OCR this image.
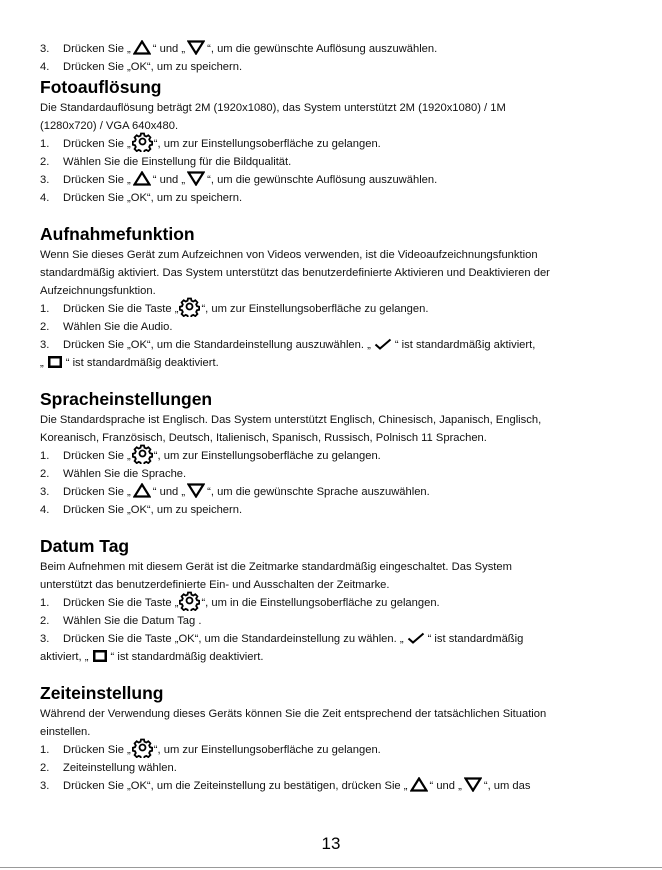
3. Drücken Sie „ “ und „ “, um die gewünschte Auflösung auszuwählen.
4. Drücken Sie „OK“, um zu speichern.
Fotoauflösung
Die Standardauflösung beträgt 2M (1920x1080), das System unterstützt 2M (1920x1080) / 1M
(1280x720) / VGA 640x480.
1. Drücken Sie „ “, um zur Einstellungsoberfläche zu gelangen.
2. Wählen Sie die Einstellung für die Bildqualität.
3. Drücken Sie „ “ und „ “, um die gewünschte Auflösung auszuwählen.
4. Drücken Sie „OK“, um zu speichern.
Aufnahmefunktion
Wenn Sie dieses Gerät zum Aufzeichnen von Videos verwenden, ist die Videoaufzeichnungsfunktion
standardmäßig aktiviert. Das System unterstützt das benutzerdefinierte Aktivieren und Deaktivieren der
Aufzeichnungsfunktion.
1. Drücken Sie die Taste „ “, um zur Einstellungsoberfläche zu gelangen.
2. Wählen Sie die Audio.
3. Drücken Sie „OK“, um die Standardeinstellung auszuwählen. „ “ ist standardmäßig aktiviert,
„ “ ist standardmäßig deaktiviert.
Spracheinstellungen
Die Standardsprache ist Englisch. Das System unterstützt Englisch, Chinesisch, Japanisch, Englisch,
Koreanisch, Französisch, Deutsch, Italienisch, Spanisch, Russisch, Polnisch 11 Sprachen.
1. Drücken Sie „ “, um zur Einstellungsoberfläche zu gelangen.
2. Wählen Sie die Sprache.
3. Drücken Sie „ “ und „ “, um die gewünschte Sprache auszuwählen.
4. Drücken Sie „OK“, um zu speichern.
Datum Tag
Beim Aufnehmen mit diesem Gerät ist die Zeitmarke standardmäßig eingeschaltet. Das System
unterstützt das benutzerdefinierte Ein- und Ausschalten der Zeitmarke.
1. Drücken Sie die Taste „ “, um in die Einstellungsoberfläche zu gelangen.
2. Wählen Sie die Datum Tag .
3. Drücken Sie die Taste „OK“, um die Standardeinstellung zu wählen. „ “ ist standardmäßig
aktiviert, „ “ ist standardmäßig deaktiviert.
Zeiteinstellung
Während der Verwendung dieses Geräts können Sie die Zeit entsprechend der tatsächlichen Situation
einstellen.
1. Drücken Sie „ “, um zur Einstellungsoberfläche zu gelangen.
2. Zeiteinstellung wählen.
3. Drücken Sie „OK“, um die Zeiteinstellung zu bestätigen, drücken Sie „ “ und „ “, um das
13
